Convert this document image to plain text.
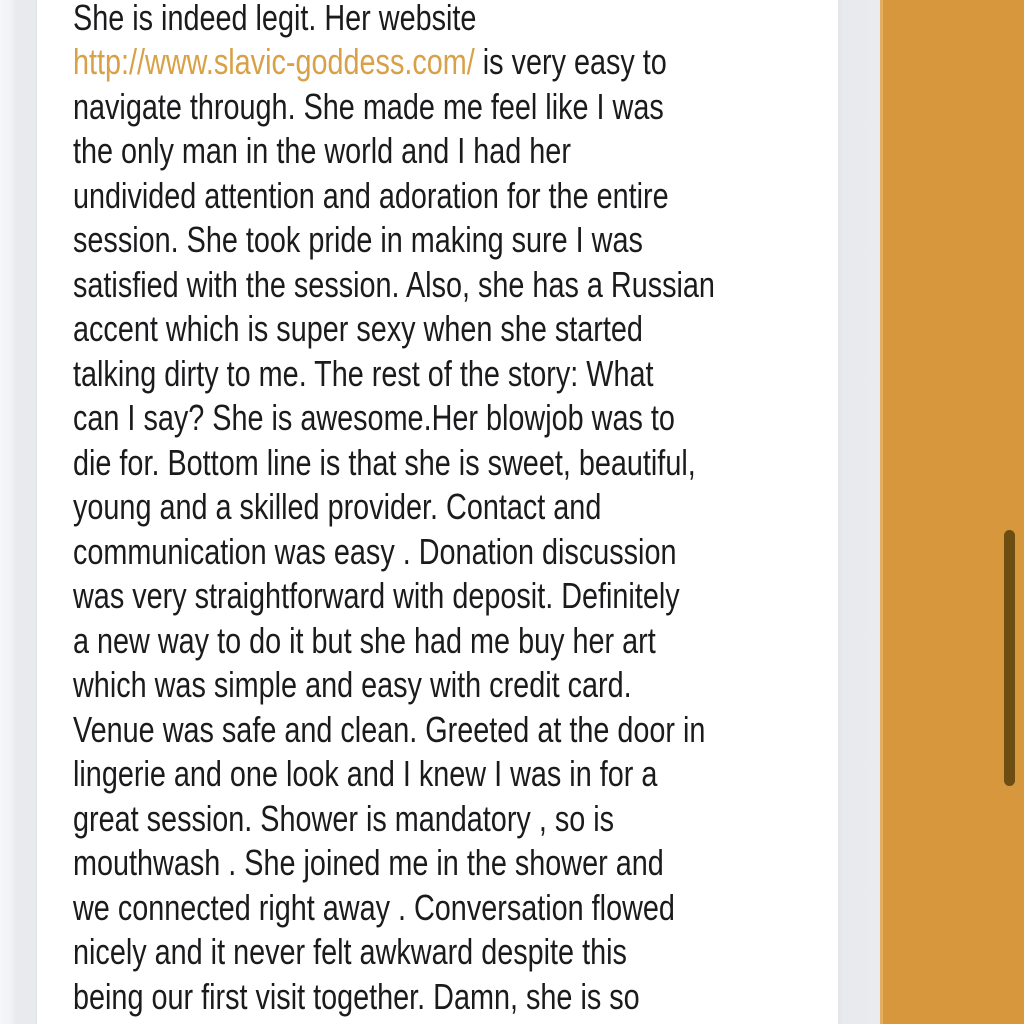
She is indeed legit. Her website
http://www.slavic-goddess.com/ is very easy to
navigate through. She made me feel like I was
the only man in the world and I had her
undivided attention and adoration for the entire
session. She took pride in making sure I was
satisfied with the session. Also, she has a Russian
accent which is super sexy when she started
talking dirty to me. The rest of the story: What
can I say? She is awesome.Her blowjob was to
die for. Bottom line is that she is sweet, beautiful,
young and a skilled provider. Contact and
communication was easy . Donation discussion
was very straightforward with deposit. Definitely
a new way to do it but she had me buy her art
which was simple and easy with credit card.
Venue was safe and clean. Greeted at the door in
lingerie and one look and I knew I was in for a
great session. Shower is mandatory , so is
mouthwash . She joined me in the shower and
we connected right away . Conversation flowed
nicely and it never felt awkward despite this
being our first visit together. Damn, she is so
